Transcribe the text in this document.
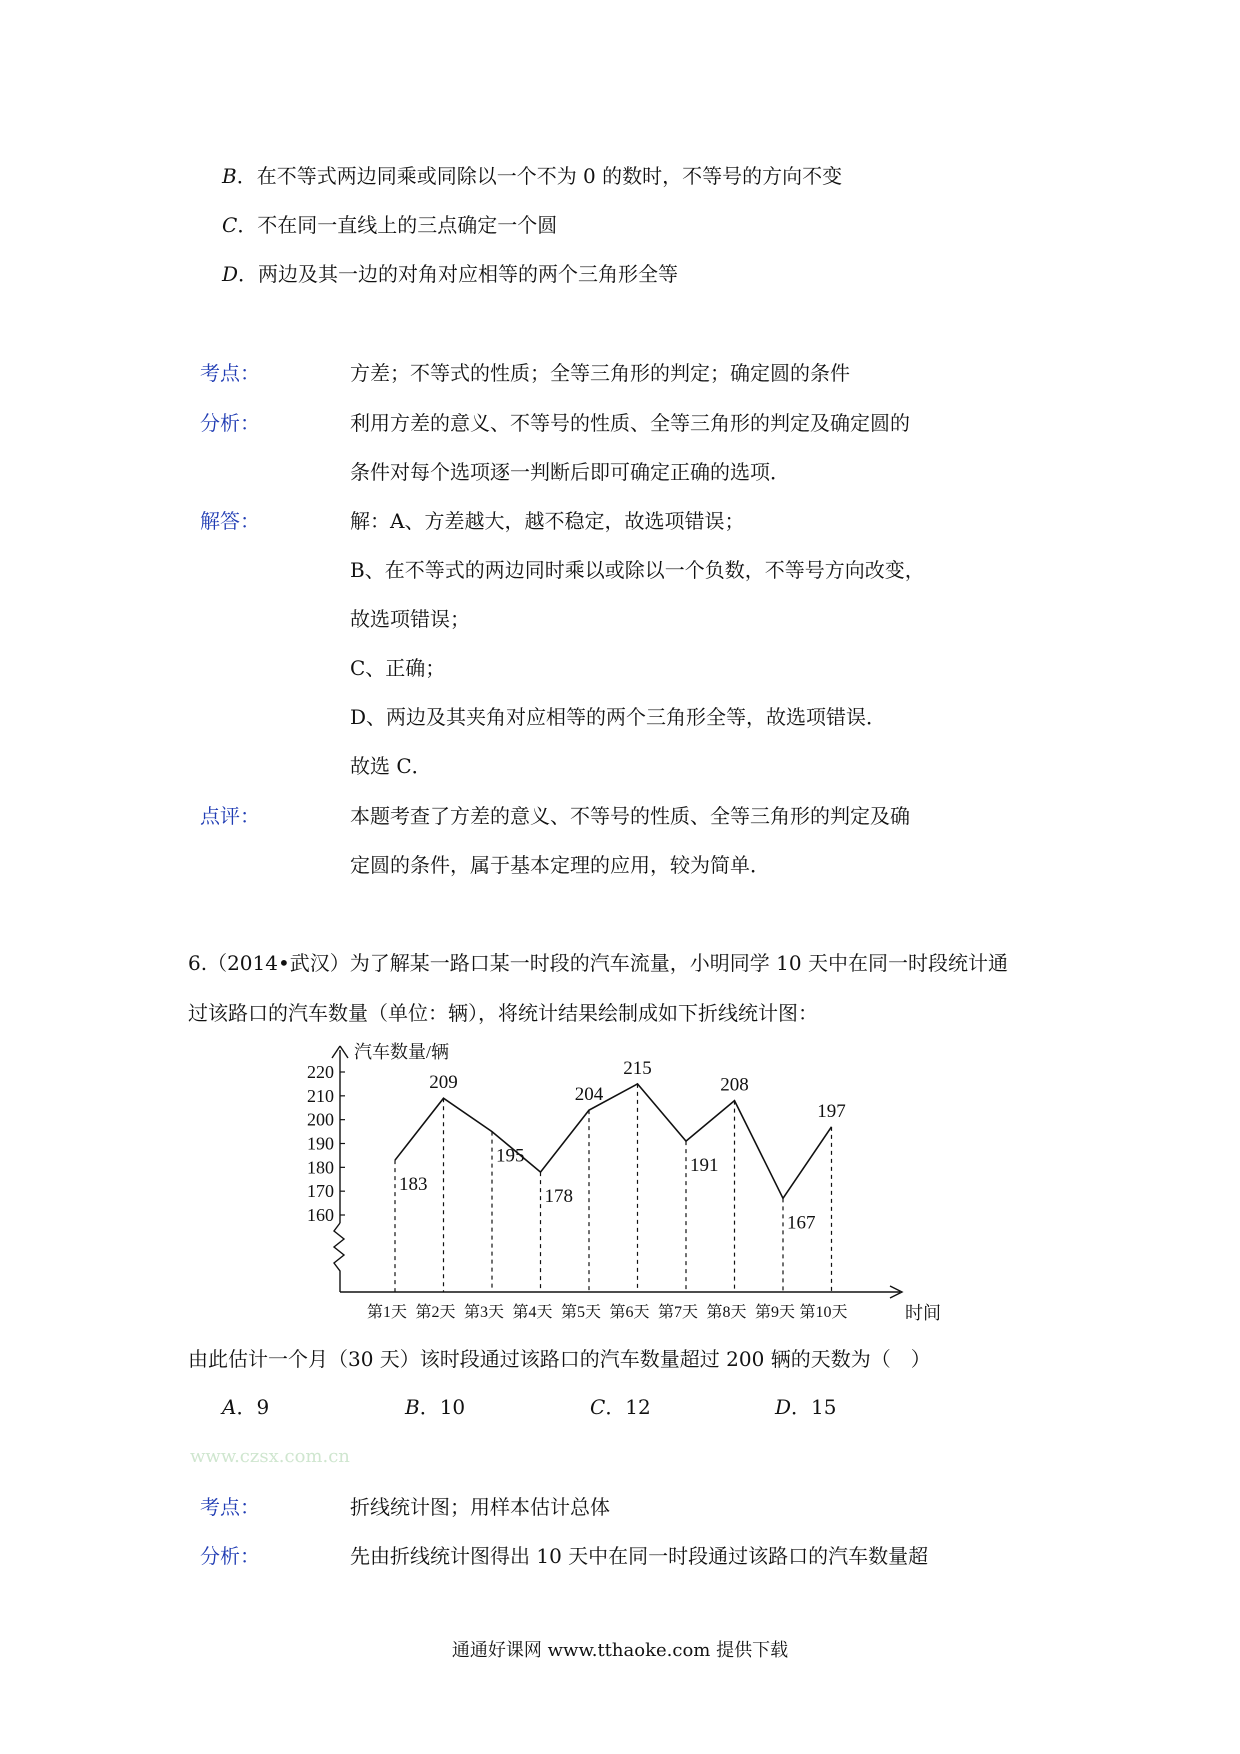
B．在不等式两边同乘或同除以一个不为 0 的数时，不等号的方向不变
C．不在同一直线上的三点确定一个圆
D．两边及其一边的对角对应相等的两个三角形全等
考点：	方差；不等式的性质；全等三角形的判定；确定圆的条件
分析：	利用方差的意义、不等号的性质、全等三角形的判定及确定圆的
条件对每个选项逐一判断后即可确定正确的选项．
解答：	解：A、方差越大，越不稳定，故选项错误；
B、在不等式的两边同时乘以或除以一个负数，不等号方向改变，
故选项错误；
C、正确；
D、两边及其夹角对应相等的两个三角形全等，故选项错误．
故选 C．
点评：	本题考查了方差的意义、不等号的性质、全等三角形的判定及确
定圆的条件，属于基本定理的应用，较为简单．
6.（2014•武汉）为了解某一路口某一时段的汽车流量，小明同学 10 天中在同一时段统计通
过该路口的汽车数量（单位：辆），将统计结果绘制成如下折线统计图：
160
170
180
190
200
210
220
汽车数量/辆
时间
183
209
195
178
204
215
191
208
167
197
第1天 第2天 第3天 第4天 第5天 第6天 第7天 第8天 第9天 第10天
由此估计一个月（30 天）该时段通过该路口的汽车数量超过 200 辆的天数为（　）
A．9	B．10	C．12	D．15
www.czsx.com.cn
考点：	折线统计图；用样本估计总体
分析：	先由折线统计图得出 10 天中在同一时段通过该路口的汽车数量超
通通好课网 www.tthaoke.com 提供下载
